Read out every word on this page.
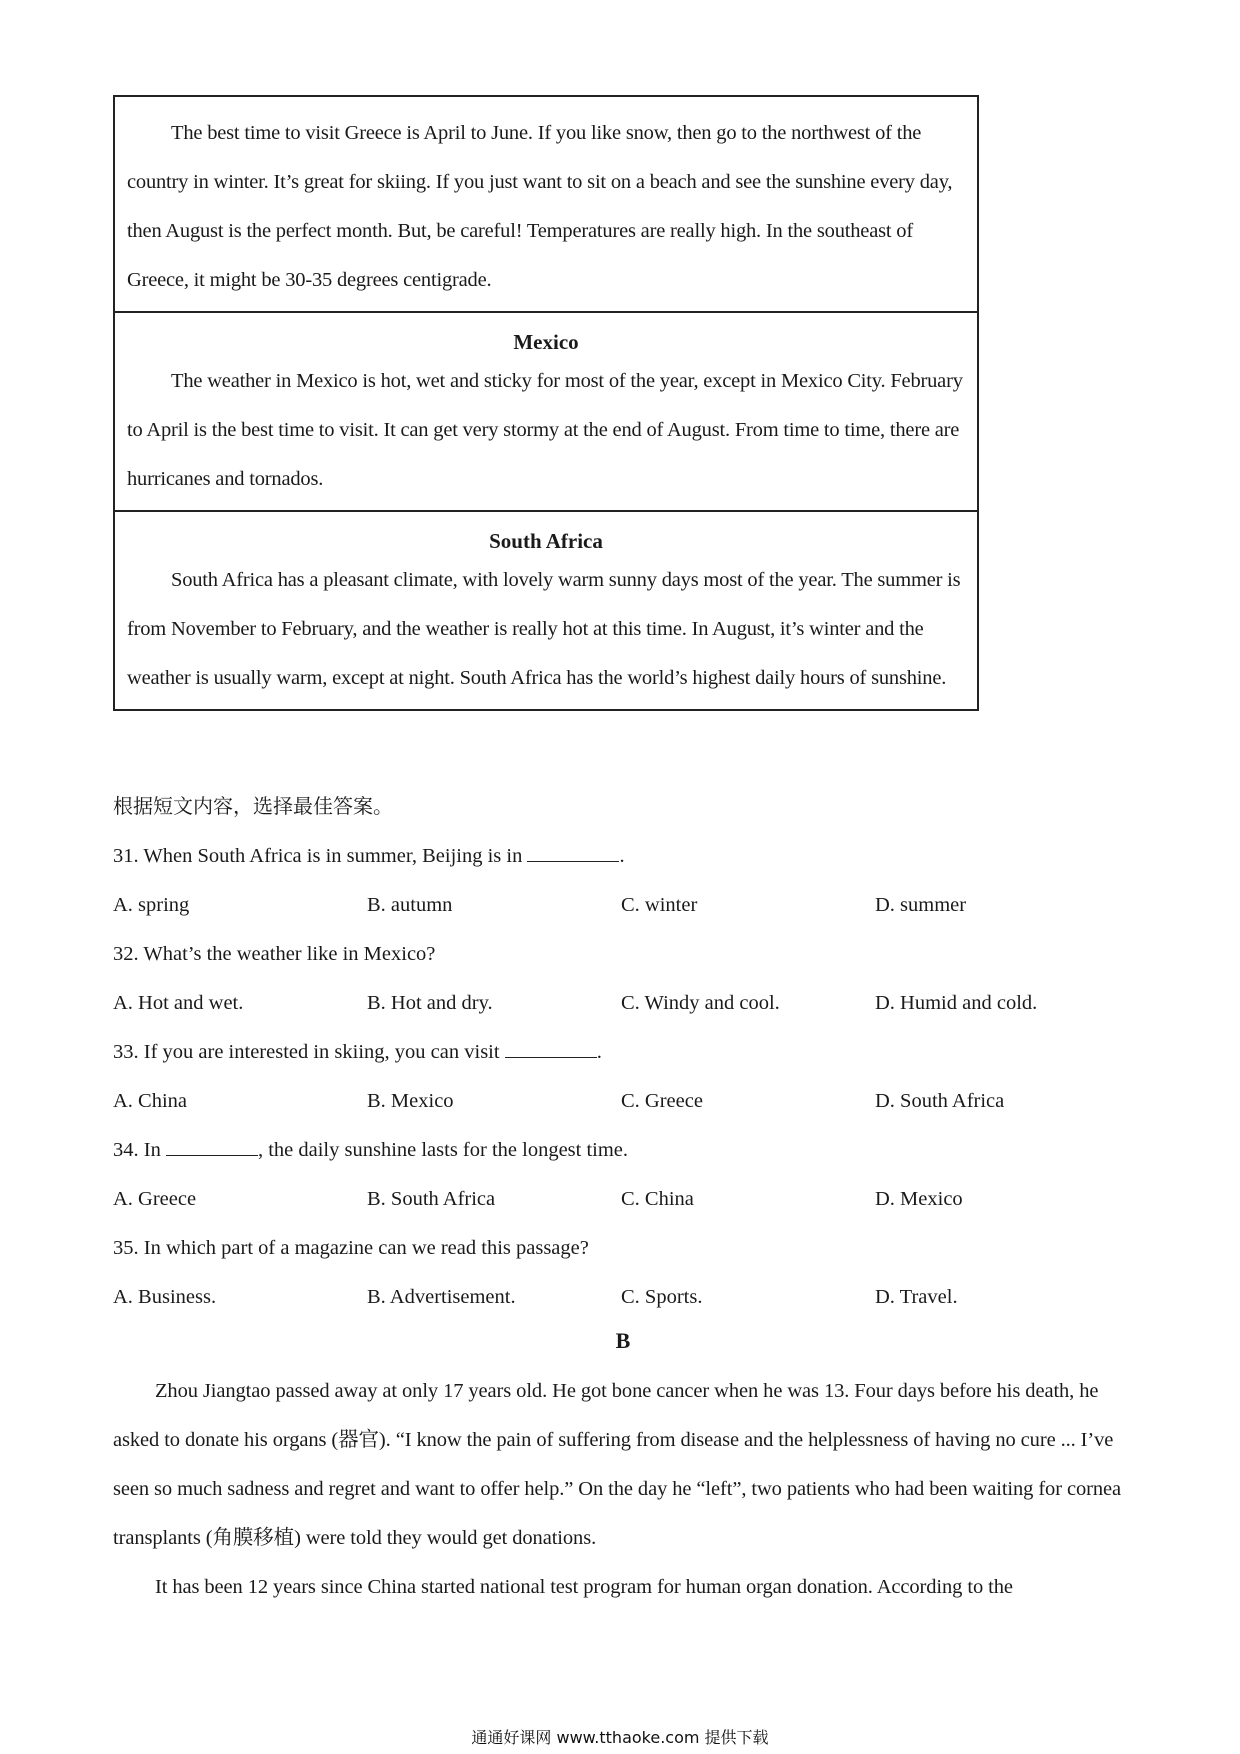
The best time to visit Greece is April to June. If you like snow, then go to the northwest of the country in winter. It’s great for skiing. If you just want to sit on a beach and see the sunshine every day, then August is the perfect month. But, be careful! Temperatures are really high. In the southeast of Greece, it might be 30-35 degrees centigrade.

Mexico

The weather in Mexico is hot, wet and sticky for most of the year, except in Mexico City. February to April is the best time to visit. It can get very stormy at the end of August. From time to time, there are hurricanes and tornados.

South Africa

South Africa has a pleasant climate, with lovely warm sunny days most of the year. The summer is from November to February, and the weather is really hot at this time. In August, it’s winter and the weather is usually warm, except at night. South Africa has the world’s highest daily hours of sunshine.

根据短文内容，选择最佳答案。
31. When South Africa is in summer, Beijing is in	.
A. spring	B. autumn	C. winter	D. summer
32. What’s the weather like in Mexico?
A. Hot and wet.	B. Hot and dry.	C. Windy and cool.	D. Humid and cold.
33. If you are interested in skiing, you can visit	.
A. China	B. Mexico	C. Greece	D. South Africa
34. In	, the daily sunshine lasts for the longest time.
A. Greece	B. South Africa	C. China	D. Mexico
35. In which part of a magazine can we read this passage?
A. Business.	B. Advertisement.	C. Sports.	D. Travel.
B

Zhou Jiangtao passed away at only 17 years old. He got bone cancer when he was 13. Four days before his death, he asked to donate his organs (器官). “I know the pain of suffering from disease and the helplessness of having no cure ... I’ve seen so much sadness and regret and want to offer help.” On the day he “left”, two patients who had been waiting for cornea transplants (角膜移植) were told they would get donations.

It has been 12 years since China started national test program for human organ donation. According to the

通通好课网 www.tthaoke.com 提供下载
